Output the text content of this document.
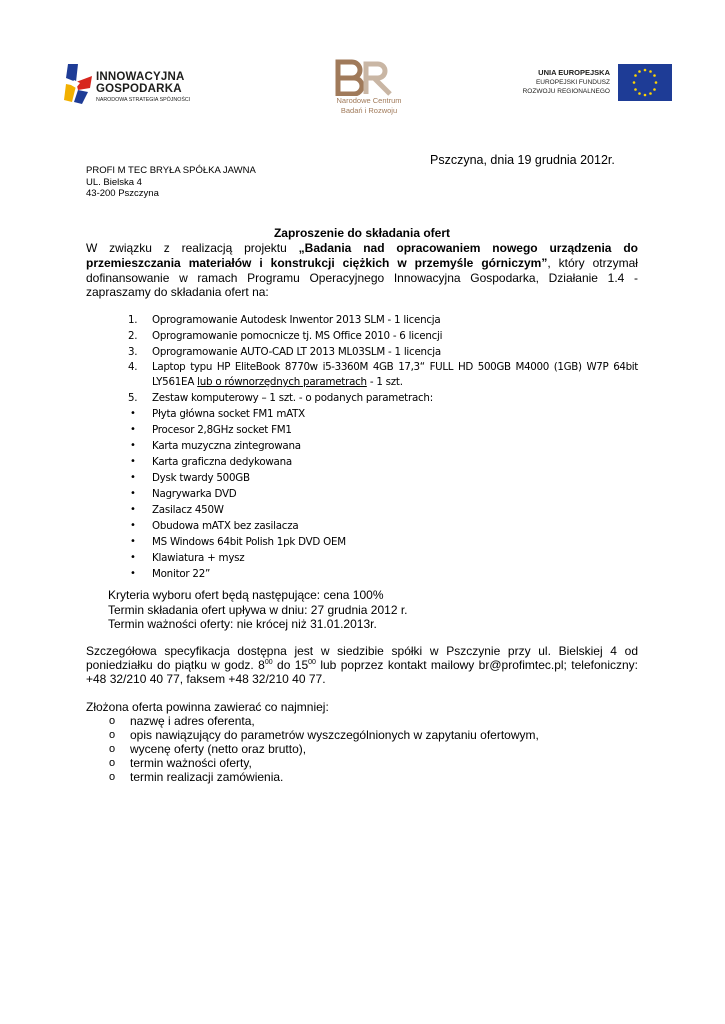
INNOWACYJNA
GOSPODARKA
NARODOWA STRATEGIA SPÓJNOŚCI	Narodowe Centrum
Badań i Rozwoju
UNIA EUROPEJSKA
EUROPEJSKI FUNDUSZ
ROZWOJU REGIONALNEGO
Pszczyna, dnia 19 grudnia 2012r.
PROFI M TEC BRYŁA SPÓŁKA JAWNA
UL. Bielska 4
43-200 Pszczyna
Zaproszenie do składania ofert
W związku z realizacją projektu „Badania nad opracowaniem nowego urządzenia do
przemieszczania materiałów i konstrukcji ciężkich w przemyśle górniczym”, który otrzymał
dofinansowanie w ramach Programu Operacyjnego Innowacyjna Gospodarka, Działanie 1.4 -
zapraszamy do składania ofert na:
1.	Oprogramowanie Autodesk Inwentor 2013 SLM - 1 licencja
2.	Oprogramowanie pomocnicze tj. MS Office 2010 - 6 licencji
3.	Oprogramowanie AUTO-CAD LT 2013 ML03SLM - 1 licencja
4.	Laptop typu HP EliteBook 8770w i5-3360M 4GB 17,3“ FULL HD 500GB M4000 (1GB) W7P 64bit
LY561EA lub o równorzędnych parametrach - 1 szt.
5.	Zestaw komputerowy – 1 szt. - o podanych parametrach:
•	Płyta główna socket FM1 mATX
•	Procesor 2,8GHz socket FM1
•	Karta muzyczna zintegrowana
•	Karta graficzna dedykowana
•	Dysk twardy 500GB
•	Nagrywarka DVD
•	Zasilacz 450W
•	Obudowa mATX bez zasilacza
•	MS Windows 64bit Polish 1pk DVD OEM
•	Klawiatura + mysz
•	Monitor 22”
Kryteria wyboru ofert będą następujące: cena 100%
Termin składania ofert upływa w dniu: 27 grudnia 2012 r.
Termin ważności oferty: nie krócej niż 31.01.2013r.
Szczegółowa specyfikacja dostępna jest w siedzibie spółki w Pszczynie przy ul. Bielskiej 4 od
poniedziałku do piątku w godz. $8^{00}$ do $15^{00}$ lub poprzez kontakt mailowy br@profimtec.pl; telefoniczny:
+48 32/210 40 77, faksem +48 32/210 40 77.
Złożona oferta powinna zawierać co najmniej:
o nazwę i adres oferenta,
o opis nawiązujący do parametrów wyszczególnionych w zapytaniu ofertowym,
o wycenę oferty (netto oraz brutto),
o termin ważności oferty,
o termin realizacji zamówienia.
